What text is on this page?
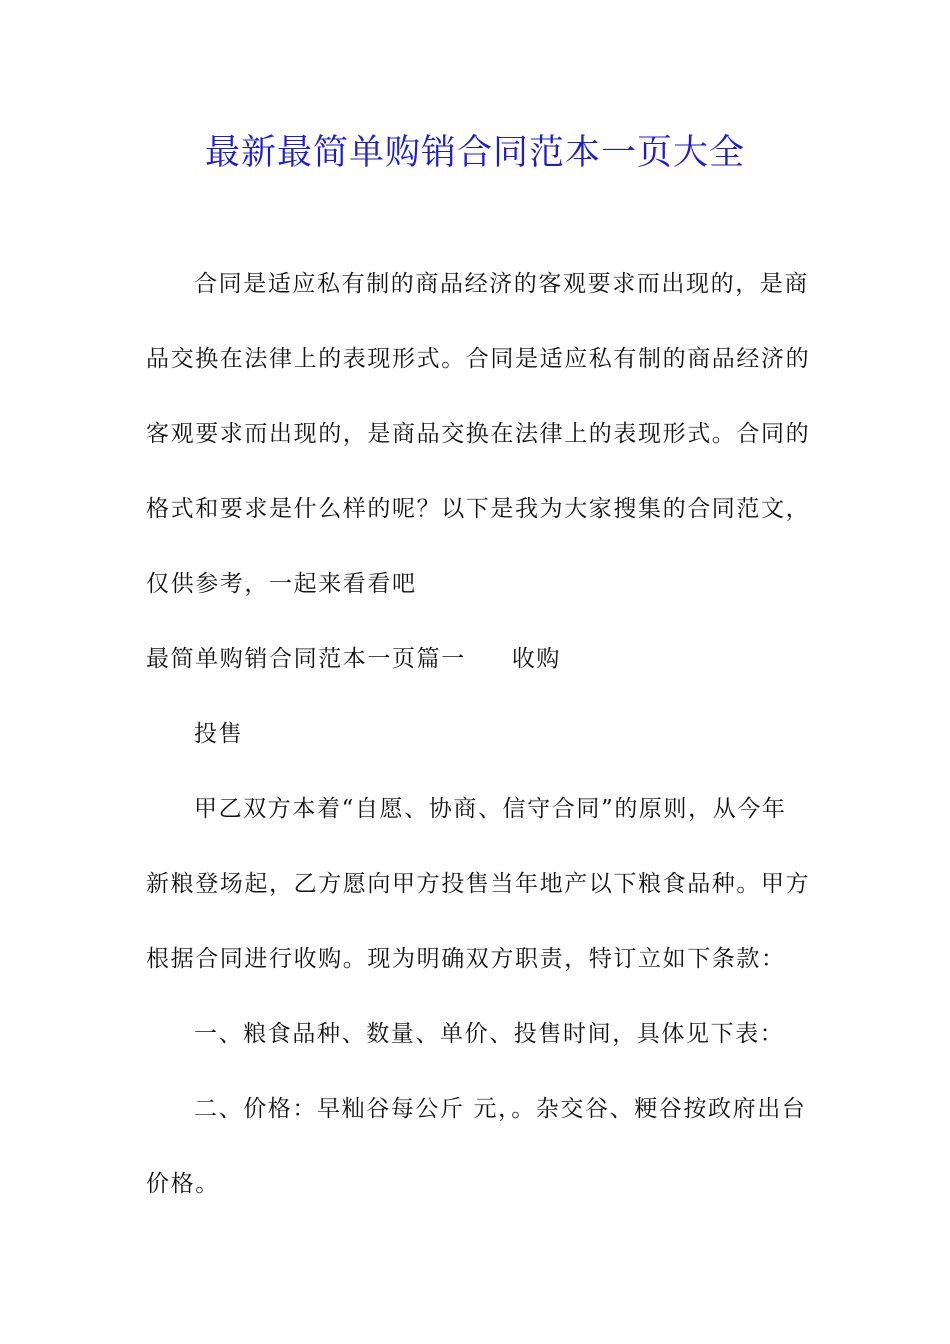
最新最简单购销合同范本一页大全
合同是适应私有制的商品经济的客观要求而出现的，是商
品交换在法律上的表现形式。合同是适应私有制的商品经济的
客观要求而出现的，是商品交换在法律上的表现形式。合同的
格式和要求是什么样的呢？以下是我为大家搜集的合同范文，
仅供参考，一起来看看吧
最简单购销合同范本一页篇一 收购
投售
甲乙双方本着“自愿、协商、信守合同”的原则，从今年
新粮登场起，乙方愿向甲方投售当年地产以下粮食品种。甲方
根据合同进行收购。现为明确双方职责，特订立如下条款：
一、粮食品种、数量、单价、投售时间，具体见下表：
二、价格：早籼谷每公斤 元，。杂交谷、粳谷按政府出台
价格。
